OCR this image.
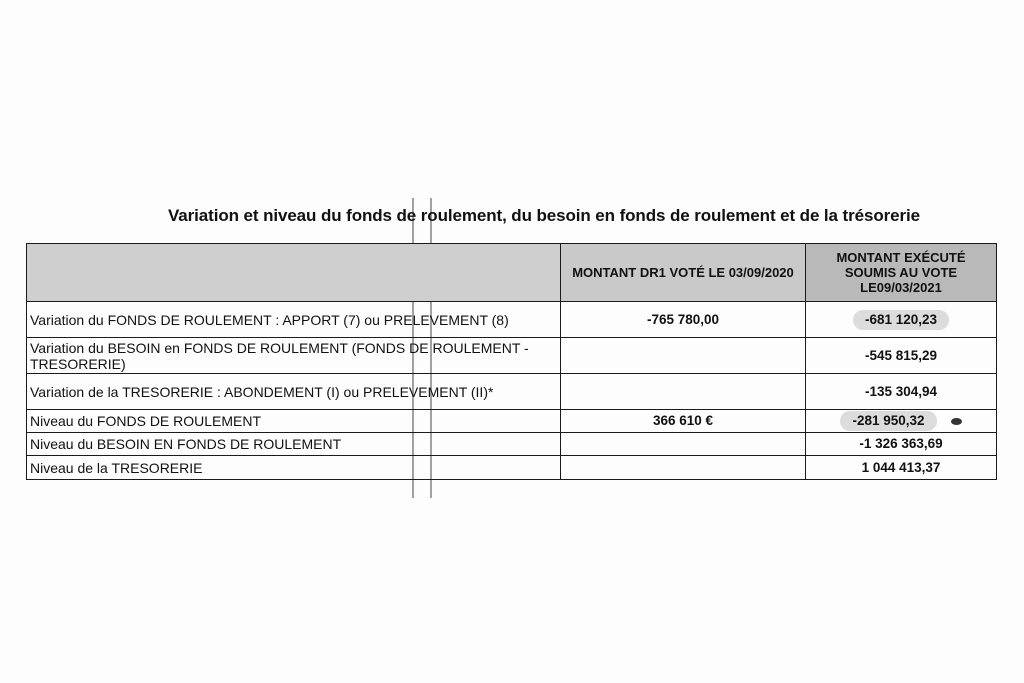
Variation et niveau du fonds de roulement, du besoin en fonds de roulement et de la trésorerie
	MONTANT DR1 VOTÉ LE 03/09/2020	MONTANT EXÉCUTÉ SOUMIS AU VOTE LE09/03/2021
Variation du FONDS DE ROULEMENT : APPORT (7) ou PRELEVEMENT (8)	-765 780,00	-681 120,23
Variation du BESOIN en FONDS DE ROULEMENT (FONDS DE ROULEMENT - TRESORERIE)		-545 815,29
Variation de la TRESORERIE : ABONDEMENT (I) ou PRELEVEMENT (II)*		-135 304,94
Niveau du FONDS DE ROULEMENT	366 610 €	-281 950,32
Niveau du BESOIN EN FONDS DE ROULEMENT		-1 326 363,69
Niveau de la TRESORERIE		1 044 413,37
